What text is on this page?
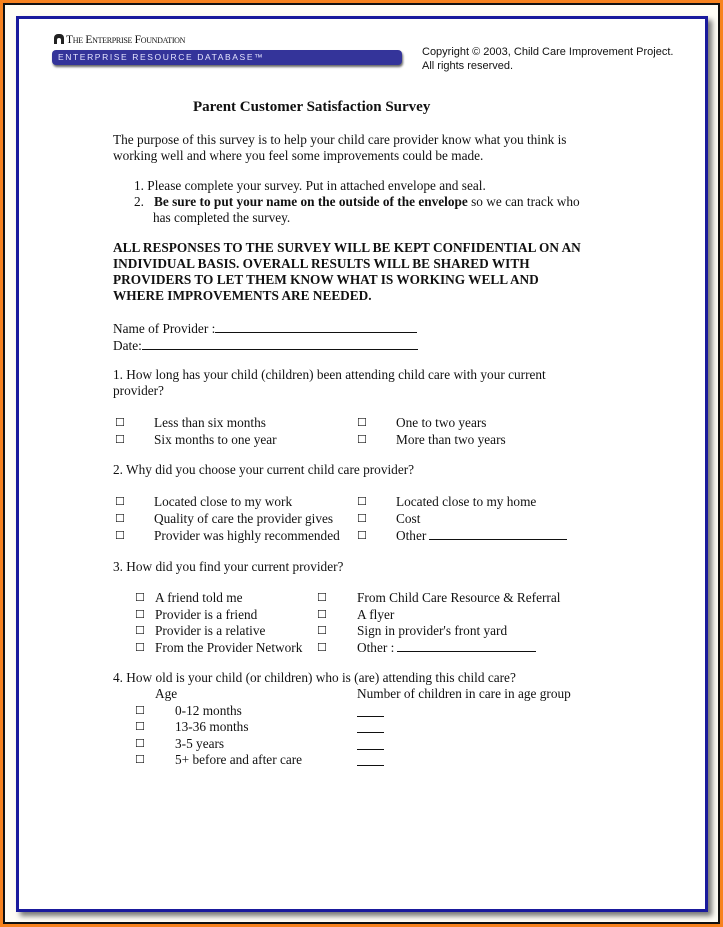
The Enterprise Foundation
ENTERPRISE RESOURCE DATABASE™	Copyright © 2003, Child Care Improvement Project.
All rights reserved.
Parent Customer Satisfaction Survey
The purpose of this survey is to help your child care provider know what you think is
working well and where you feel some improvements could be made.
1. Please complete your survey. Put in attached envelope and seal.
2. Be sure to put your name on the outside of the envelope so we can track who
has completed the survey.
ALL RESPONSES TO THE SURVEY WILL BE KEPT CONFIDENTIAL ON AN
INDIVIDUAL BASIS. OVERALL RESULTS WILL BE SHARED WITH
PROVIDERS TO LET THEM KNOW WHAT IS WORKING WELL AND
WHERE IMPROVEMENTS ARE NEEDED.
Name of Provider :
Date:
1. How long has your child (children) been attending child care with your current
provider?
2. Why did you choose your current child care provider?
3. How did you find your current provider?
4. How old is your child (or children) who is (are) attending this child care?
Age	Number of children in care in age group
☐ Less than six months
☐ Six months to one year
☐ One to two years
☐ More than two years
☐ Located close to my work
☐ Quality of care the provider gives
☐ Provider was highly recommended
☐ Located close to my home
☐ Cost
☐ Other
☐ A friend told me
☐ Provider is a friend
☐ Provider is a relative
☐ From the Provider Network
☐ From Child Care Resource & Referral
☐ A flyer
☐ Sign in provider's front yard
☐ Other :
☐ 0-12 months
☐ 13-36 months
☐ 3-5 years
☐ 5+ before and after care
